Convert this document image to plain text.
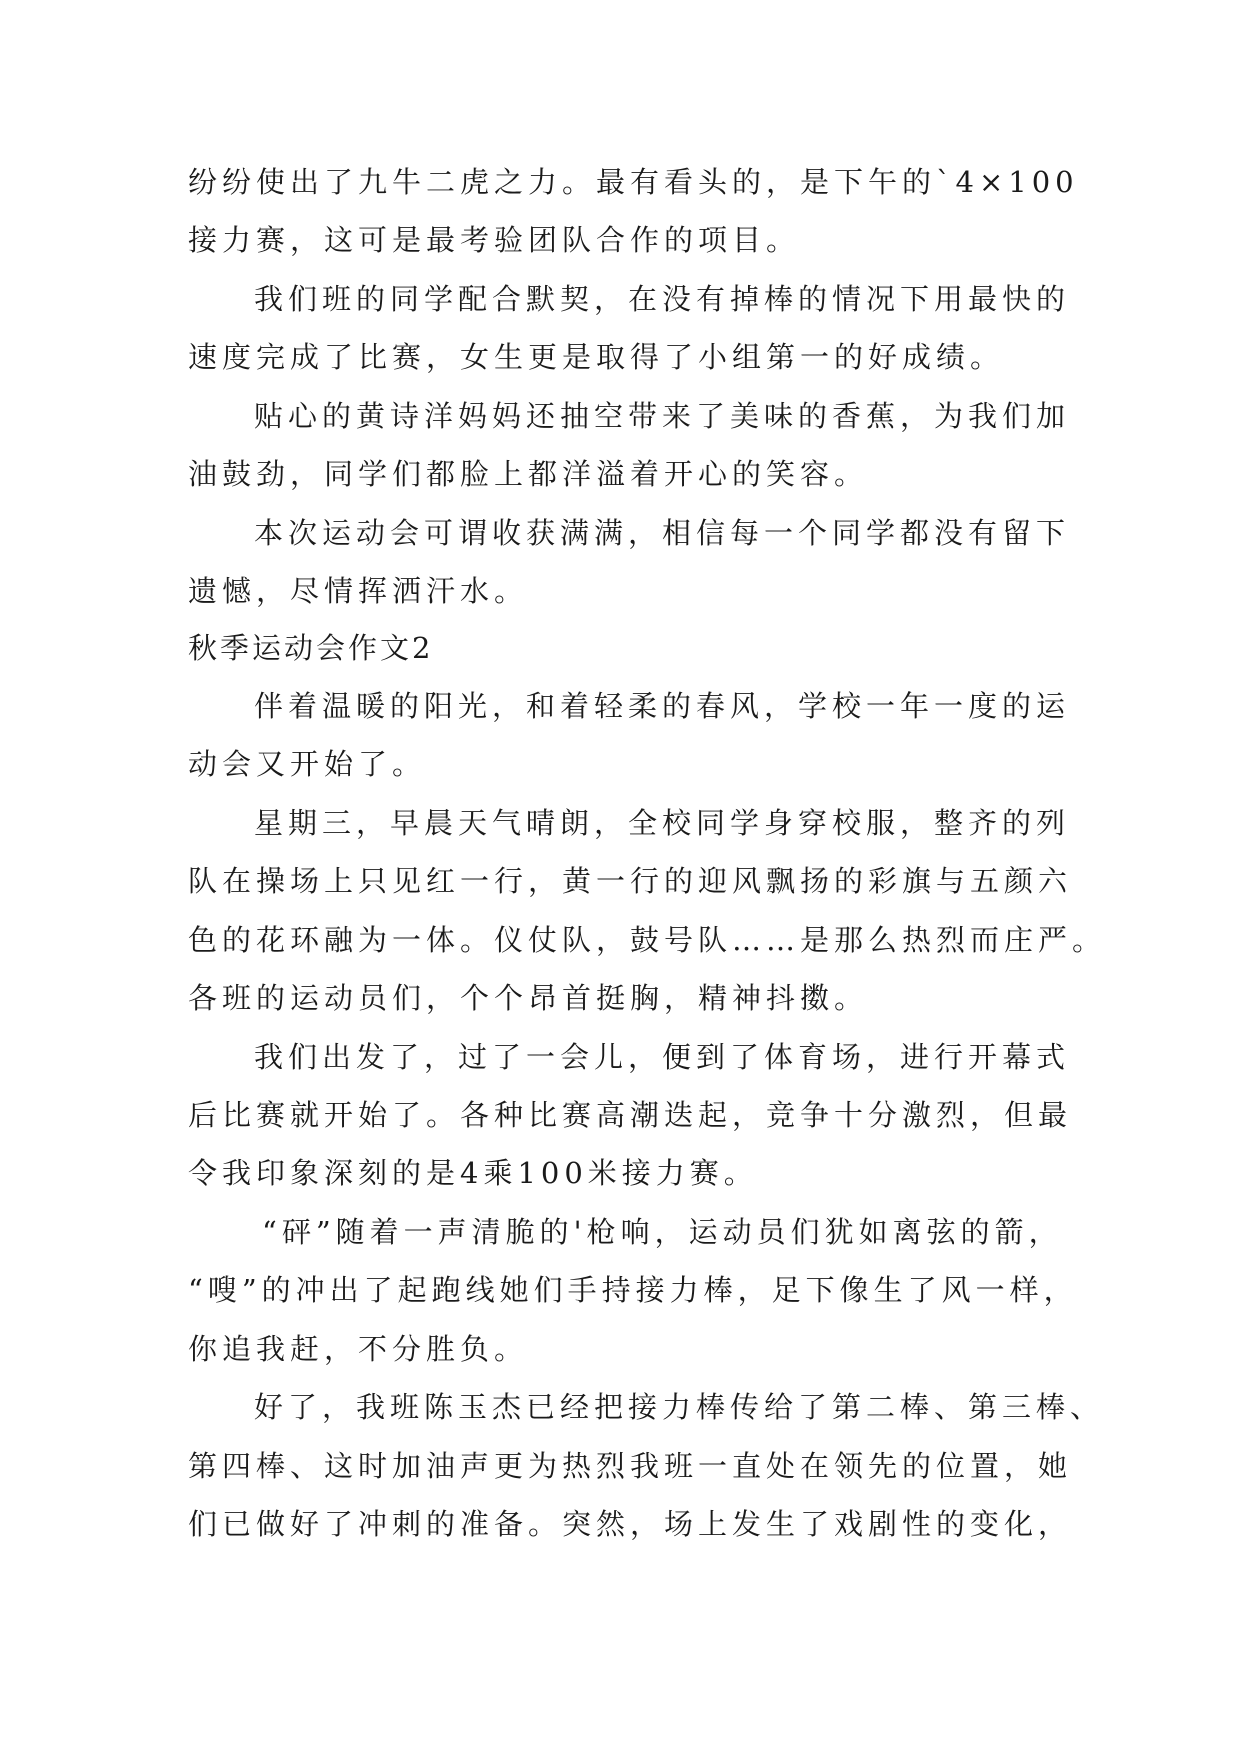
纷纷使出了九牛二虎之力。最有看头的，是下午的`4×100
接力赛，这可是最考验团队合作的项目。
我们班的同学配合默契，在没有掉棒的情况下用最快的
速度完成了比赛，女生更是取得了小组第一的好成绩。
贴心的黄诗洋妈妈还抽空带来了美味的香蕉，为我们加
油鼓劲，同学们都脸上都洋溢着开心的笑容。
本次运动会可谓收获满满，相信每一个同学都没有留下
遗憾，尽情挥洒汗水。
秋季运动会作文2
伴着温暖的阳光，和着轻柔的春风，学校一年一度的运
动会又开始了。
星期三，早晨天气晴朗，全校同学身穿校服，整齐的列
队在操场上只见红一行，黄一行的迎风飘扬的彩旗与五颜六
色的花环融为一体。仪仗队，鼓号队……是那么热烈而庄严。
各班的运动员们，个个昂首挺胸，精神抖擞。
我们出发了，过了一会儿，便到了体育场，进行开幕式
后比赛就开始了。各种比赛高潮迭起，竞争十分激烈，但最
令我印象深刻的是4乘100米接力赛。
“砰”随着一声清脆的'枪响，运动员们犹如离弦的箭，
“嗖”的冲出了起跑线她们手持接力棒，足下像生了风一样，
你追我赶，不分胜负。
好了，我班陈玉杰已经把接力棒传给了第二棒、第三棒、
第四棒、这时加油声更为热烈我班一直处在领先的位置，她
们已做好了冲刺的准备。突然，场上发生了戏剧性的变化，
